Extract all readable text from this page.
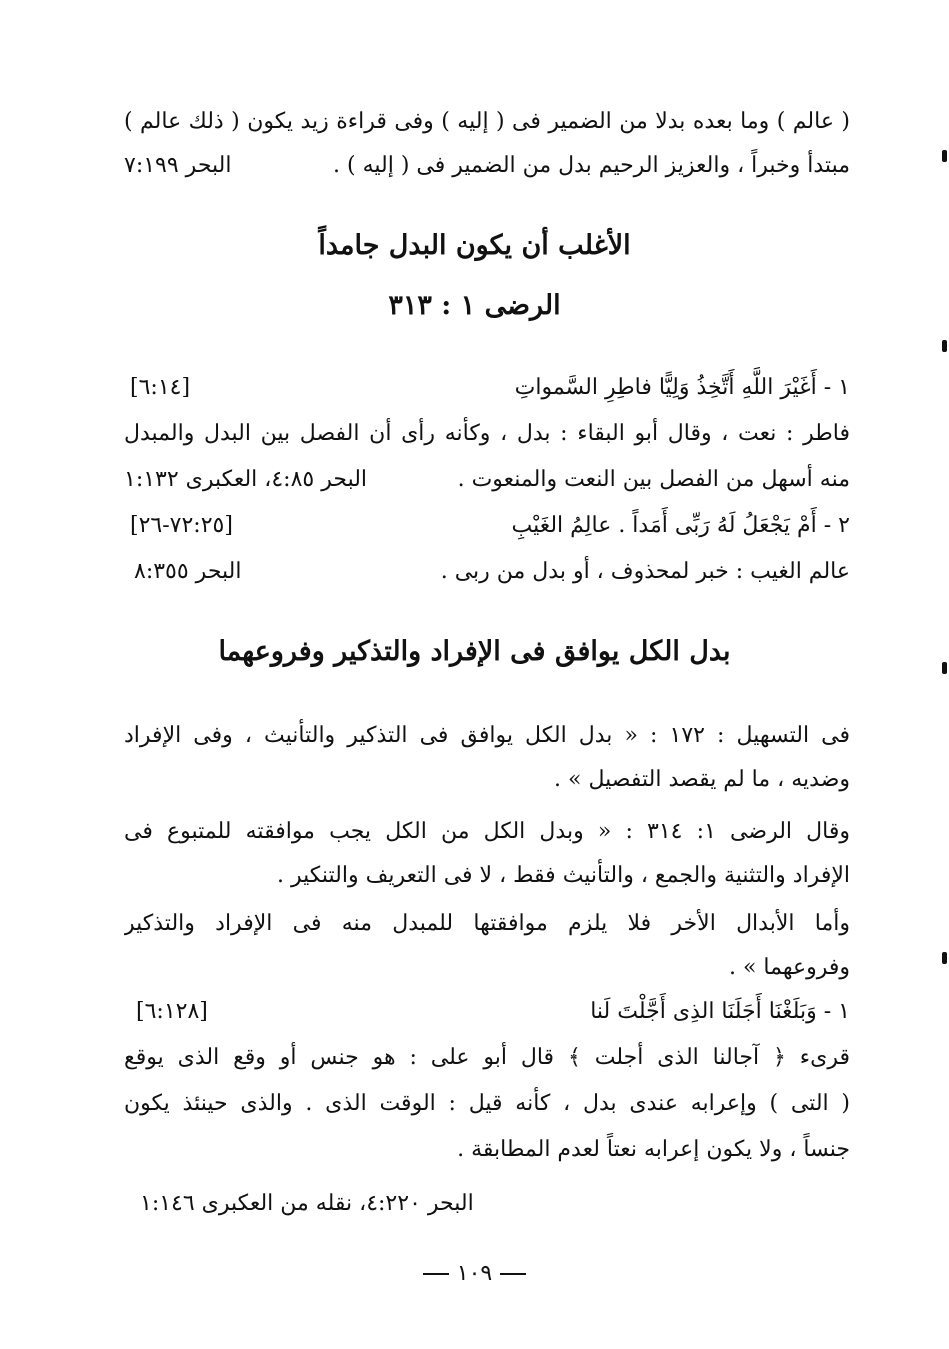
( عالم ) وما بعده بدلا من الضمير فى ( إليه ) وفى قراءة زيد يكون ( ذلك عالم )
مبتدأ وخبراً ، والعزيز الرحيم بدل من الضمير فى ( إليه ) .
البحر ٧:١٩٩
الأغلب أن يكون البدل جامداً
الرضى ١ : ٣١٣
١ - أَغَيْرَ اللَّهِ أَتَّخِذُ وَلِيًّا فاطِرِ السَّمواتِ
[٦:١٤]
فاطر : نعت ، وقال أبو البقاء : بدل ، وكأنه رأى أن الفصل بين البدل والمبدل
منه أسهل من الفصل بين النعت والمنعوت .
البحر ٤:٨٥، العكبرى ١:١٣٢
٢ - أَمْ يَجْعَلُ لَهُ رَبِّى أَمَداً . عالِمُ الغَيْبِ
[٧٢:٢٥-٢٦]
عالم الغيب : خبر لمحذوف ، أو بدل من ربى .
البحر ٨:٣٥٥
بدل الكل يوافق فى الإفراد والتذكير وفروعهما
فى التسهيل : ١٧٢ : « بدل الكل يوافق فى التذكير والتأنيث ، وفى الإفراد
وضديه ، ما لم يقصد التفصيل » .
وقال الرضى ١: ٣١٤ : « وبدل الكل من الكل يجب موافقته للمتبوع فى
الإفراد والتثنية والجمع ، والتأنيث فقط ، لا فى التعريف والتنكير .
وأما الأبدال الأخر فلا يلزم موافقتها للمبدل منه فى الإفراد والتذكير
وفروعهما » .
١ - وَبَلَغْنَا أَجَلَنَا الذِى أَجَّلْتَ لَنا
[٦:١٢٨]
قرىء ﴿ آجالنا الذى أجلت ﴾ قال أبو على : هو جنس أو وقع الذى يوقع
( التى ) وإعرابه عندى بدل ، كأنه قيل : الوقت الذى . والذى حينئذ يكون
جنساً ، ولا يكون إعرابه نعتاً لعدم المطابقة .
البحر ٤:٢٢٠، نقله من العكبرى ١:١٤٦
١٠٩
